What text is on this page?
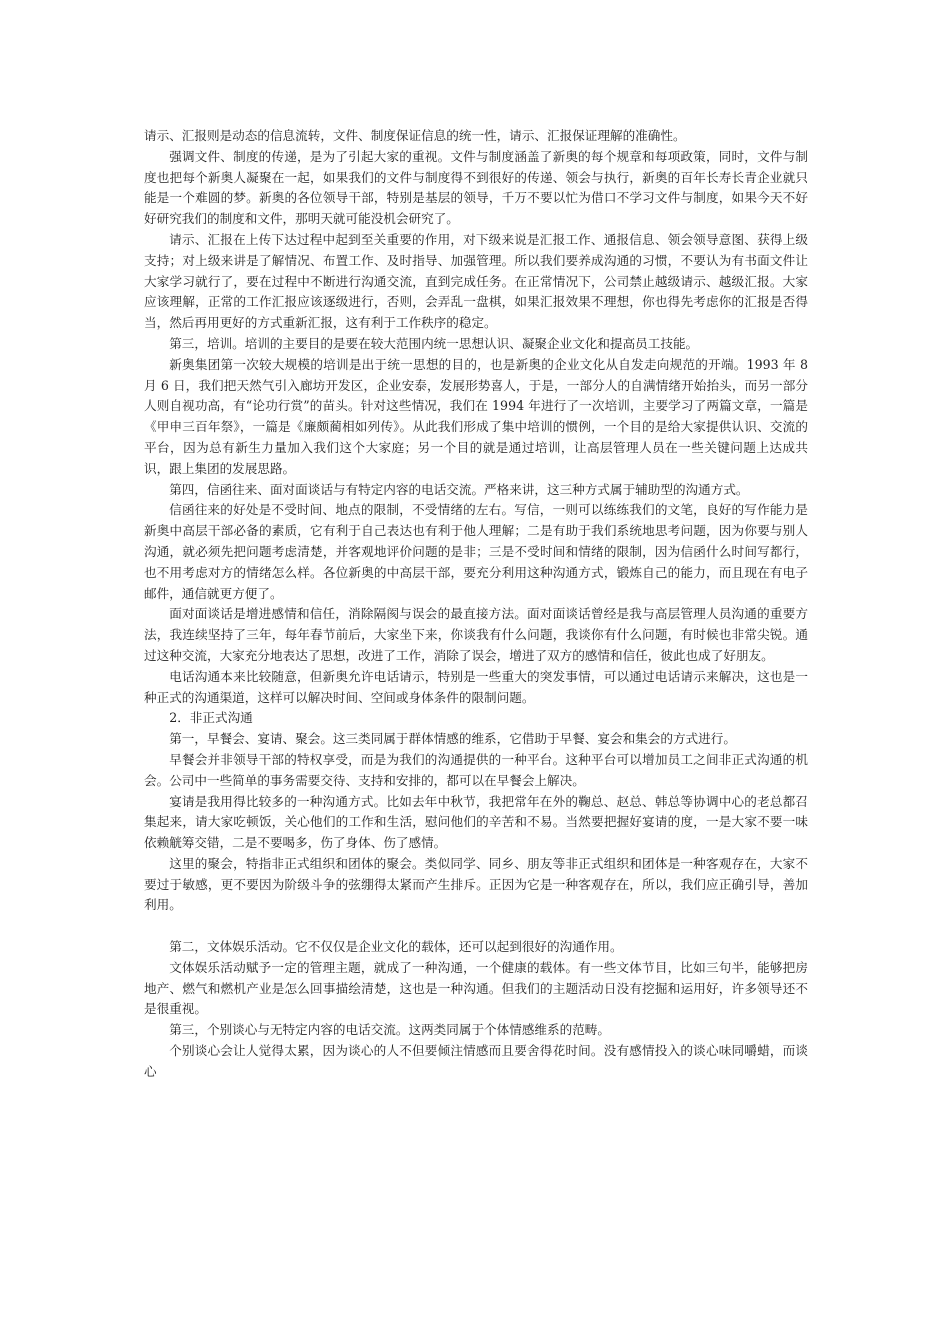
请示、汇报则是动态的信息流转，文件、制度保证信息的统一性，请示、汇报保证理解的准确性。

强调文件、制度的传递，是为了引起大家的重视。文件与制度涵盖了新奥的每个规章和每项政策，同时，文件与制度也把每个新奥人凝聚在一起，如果我们的文件与制度得不到很好的传递、领会与执行，新奥的百年长寿长青企业就只能是一个难圆的梦。新奥的各位领导干部，特别是基层的领导，千万不要以忙为借口不学习文件与制度，如果今天不好好研究我们的制度和文件，那明天就可能没机会研究了。

请示、汇报在上传下达过程中起到至关重要的作用，对下级来说是汇报工作、通报信息、领会领导意图、获得上级支持；对上级来讲是了解情况、布置工作、及时指导、加强管理。所以我们要养成沟通的习惯，不要认为有书面文件让大家学习就行了，要在过程中不断进行沟通交流，直到完成任务。在正常情况下，公司禁止越级请示、越级汇报。大家应该理解，正常的工作汇报应该逐级进行，否则，会弄乱一盘棋，如果汇报效果不理想，你也得先考虑你的汇报是否得当，然后再用更好的方式重新汇报，这有利于工作秩序的稳定。

第三，培训。培训的主要目的是要在较大范围内统一思想认识、凝聚企业文化和提高员工技能。

新奥集团第一次较大规模的培训是出于统一思想的目的，也是新奥的企业文化从自发走向规范的开端。1993 年 8 月 6 日，我们把天然气引入廊坊开发区，企业安泰，发展形势喜人，于是，一部分人的自满情绪开始抬头，而另一部分人则自视功高，有“论功行赏”的苗头。针对这些情况，我们在 1994 年进行了一次培训，主要学习了两篇文章，一篇是《甲申三百年祭》，一篇是《廉颇蔺相如列传》。从此我们形成了集中培训的惯例，一个目的是给大家提供认识、交流的平台，因为总有新生力量加入我们这个大家庭；另一个目的就是通过培训，让高层管理人员在一些关键问题上达成共识，跟上集团的发展思路。

第四，信函往来、面对面谈话与有特定内容的电话交流。严格来讲，这三种方式属于辅助型的沟通方式。

信函往来的好处是不受时间、地点的限制，不受情绪的左右。写信，一则可以练练我们的文笔，良好的写作能力是新奥中高层干部必备的素质，它有利于自己表达也有利于他人理解；二是有助于我们系统地思考问题，因为你要与别人沟通，就必须先把问题考虑清楚，并客观地评价问题的是非；三是不受时间和情绪的限制，因为信函什么时间写都行，也不用考虑对方的情绪怎么样。各位新奥的中高层干部，要充分利用这种沟通方式，锻炼自己的能力，而且现在有电子邮件，通信就更方便了。

面对面谈话是增进感情和信任，消除隔阂与误会的最直接方法。面对面谈话曾经是我与高层管理人员沟通的重要方法，我连续坚持了三年，每年春节前后，大家坐下来，你谈我有什么问题，我谈你有什么问题，有时候也非常尖锐。通过这种交流，大家充分地表达了思想，改进了工作，消除了误会，增进了双方的感情和信任，彼此也成了好朋友。

电话沟通本来比较随意，但新奥允许电话请示，特别是一些重大的突发事情，可以通过电话请示来解决，这也是一种正式的沟通渠道，这样可以解决时间、空间或身体条件的限制问题。

2．非正式沟通

第一，早餐会、宴请、聚会。这三类同属于群体情感的维系，它借助于早餐、宴会和集会的方式进行。

早餐会并非领导干部的特权享受，而是为我们的沟通提供的一种平台。这种平台可以增加员工之间非正式沟通的机会。公司中一些简单的事务需要交待、支持和安排的，都可以在早餐会上解决。

宴请是我用得比较多的一种沟通方式。比如去年中秋节，我把常年在外的鞠总、赵总、韩总等协调中心的老总都召集起来，请大家吃顿饭，关心他们的工作和生活，慰问他们的辛苦和不易。当然要把握好宴请的度，一是大家不要一味依赖觥筹交错，二是不要喝多，伤了身体、伤了感情。

这里的聚会，特指非正式组织和团体的聚会。类似同学、同乡、朋友等非正式组织和团体是一种客观存在，大家不要过于敏感，更不要因为阶级斗争的弦绷得太紧而产生排斥。正因为它是一种客观存在，所以，我们应正确引导，善加利用。

第二，文体娱乐活动。它不仅仅是企业文化的载体，还可以起到很好的沟通作用。

文体娱乐活动赋予一定的管理主题，就成了一种沟通，一个健康的载体。有一些文体节目，比如三句半，能够把房地产、燃气和燃机产业是怎么回事描绘清楚，这也是一种沟通。但我们的主题活动日没有挖掘和运用好，许多领导还不是很重视。

第三，个别谈心与无特定内容的电话交流。这两类同属于个体情感维系的范畴。

个别谈心会让人觉得太累，因为谈心的人不但要倾注情感而且要舍得花时间。没有感情投入的谈心味同嚼蜡，而谈心
